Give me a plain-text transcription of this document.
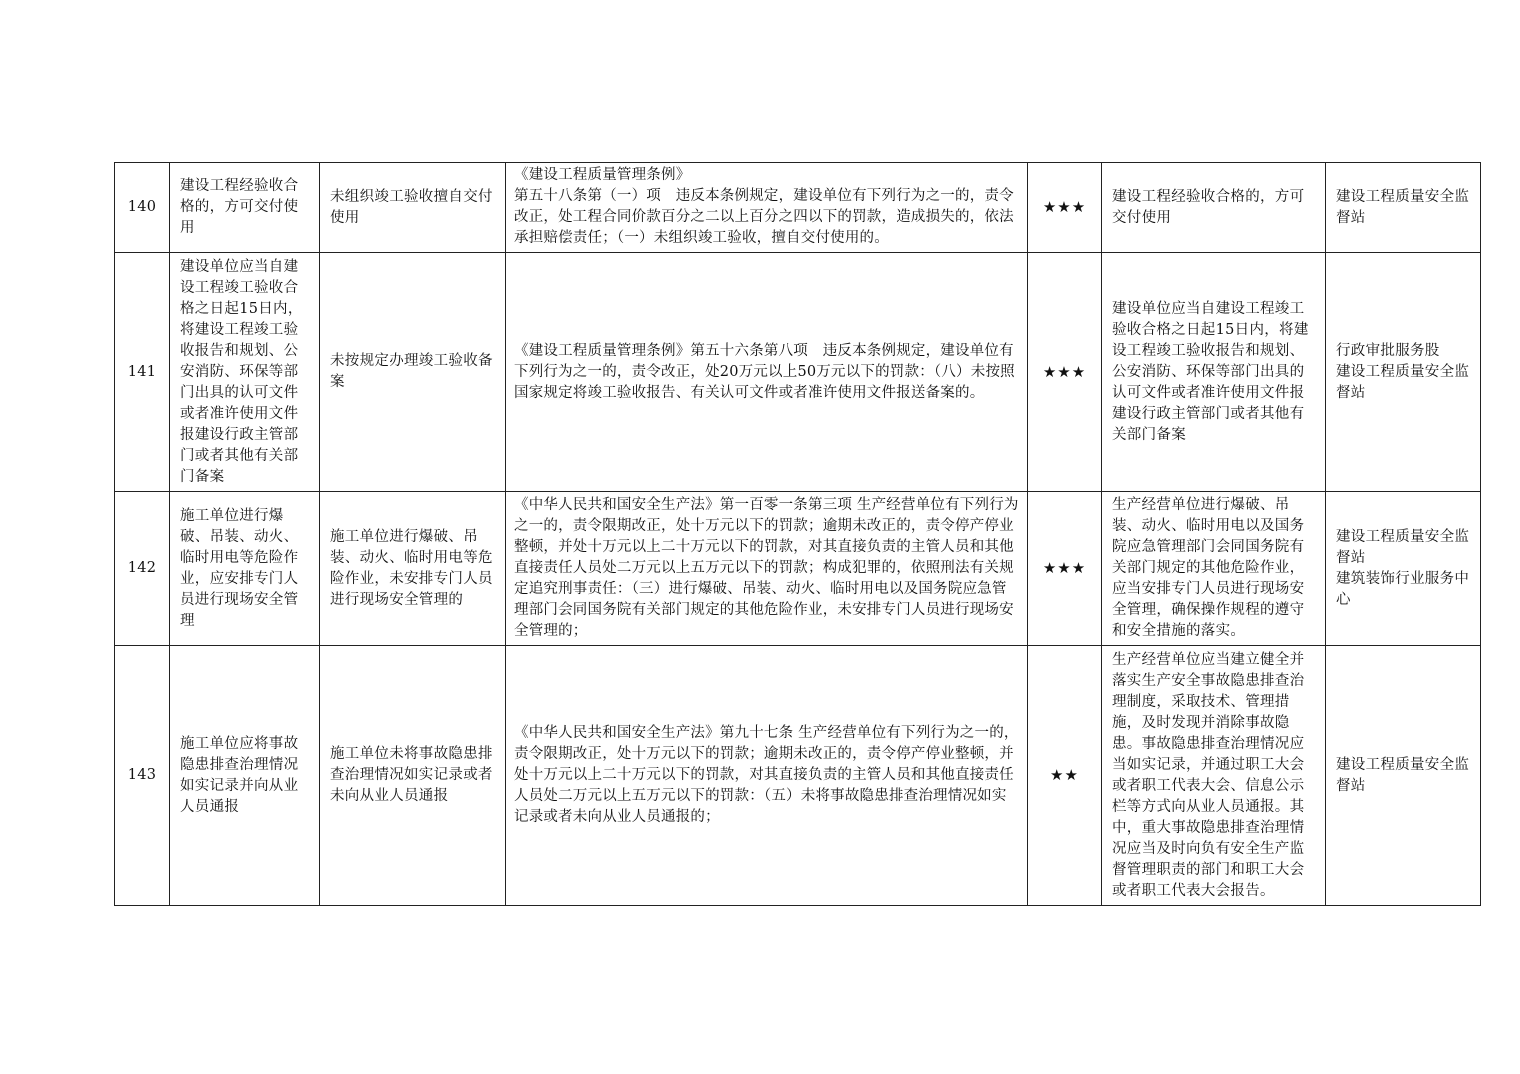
140	建设工程经验收合格的，方可交付使用	未组织竣工验收擅自交付使用	《建设工程质量管理条例》
第五十八条第（一）项　违反本条例规定，建设单位有下列行为之一的，责令改正，处工程合同价款百分之二以上百分之四以下的罚款，造成损失的，依法承担赔偿责任；（一）未组织竣工验收，擅自交付使用的。	★★★	建设工程经验收合格的，方可交付使用	建设工程质量安全监督站

141	建设单位应当自建设工程竣工验收合格之日起15日内，将建设工程竣工验收报告和规划、公安消防、环保等部门出具的认可文件或者准许使用文件报建设行政主管部门或者其他有关部门备案	未按规定办理竣工验收备案	《建设工程质量管理条例》第五十六条第八项　违反本条例规定，建设单位有下列行为之一的，责令改正，处20万元以上50万元以下的罚款：（八）未按照国家规定将竣工验收报告、有关认可文件或者准许使用文件报送备案的。	★★★	建设单位应当自建设工程竣工验收合格之日起15日内，将建设工程竣工验收报告和规划、公安消防、环保等部门出具的认可文件或者准许使用文件报建设行政主管部门或者其他有关部门备案	行政审批服务股
建设工程质量安全监督站

142	施工单位进行爆破、吊装、动火、临时用电等危险作业，应安排专门人员进行现场安全管理	施工单位进行爆破、吊装、动火、临时用电等危险作业，未安排专门人员进行现场安全管理的	《中华人民共和国安全生产法》第一百零一条第三项 生产经营单位有下列行为之一的，责令限期改正，处十万元以下的罚款；逾期未改正的，责令停产停业整顿，并处十万元以上二十万元以下的罚款，对其直接负责的主管人员和其他直接责任人员处二万元以上五万元以下的罚款；构成犯罪的，依照刑法有关规定追究刑事责任：（三）进行爆破、吊装、动火、临时用电以及国务院应急管理部门会同国务院有关部门规定的其他危险作业，未安排专门人员进行现场安全管理的；	★★★	生产经营单位进行爆破、吊装、动火、临时用电以及国务院应急管理部门会同国务院有关部门规定的其他危险作业，应当安排专门人员进行现场安全管理，确保操作规程的遵守和安全措施的落实。	建设工程质量安全监督站
建筑装饰行业服务中心

143	施工单位应将事故隐患排查治理情况如实记录并向从业人员通报	施工单位未将事故隐患排查治理情况如实记录或者未向从业人员通报	《中华人民共和国安全生产法》第九十七条 生产经营单位有下列行为之一的，责令限期改正，处十万元以下的罚款；逾期未改正的，责令停产停业整顿，并处十万元以上二十万元以下的罚款，对其直接负责的主管人员和其他直接责任人员处二万元以上五万元以下的罚款：（五）未将事故隐患排查治理情况如实记录或者未向从业人员通报的；	★★	生产经营单位应当建立健全并落实生产安全事故隐患排查治理制度，采取技术、管理措施，及时发现并消除事故隐患。事故隐患排查治理情况应当如实记录，并通过职工大会或者职工代表大会、信息公示栏等方式向从业人员通报。其中，重大事故隐患排查治理情况应当及时向负有安全生产监督管理职责的部门和职工大会或者职工代表大会报告。	建设工程质量安全监督站
